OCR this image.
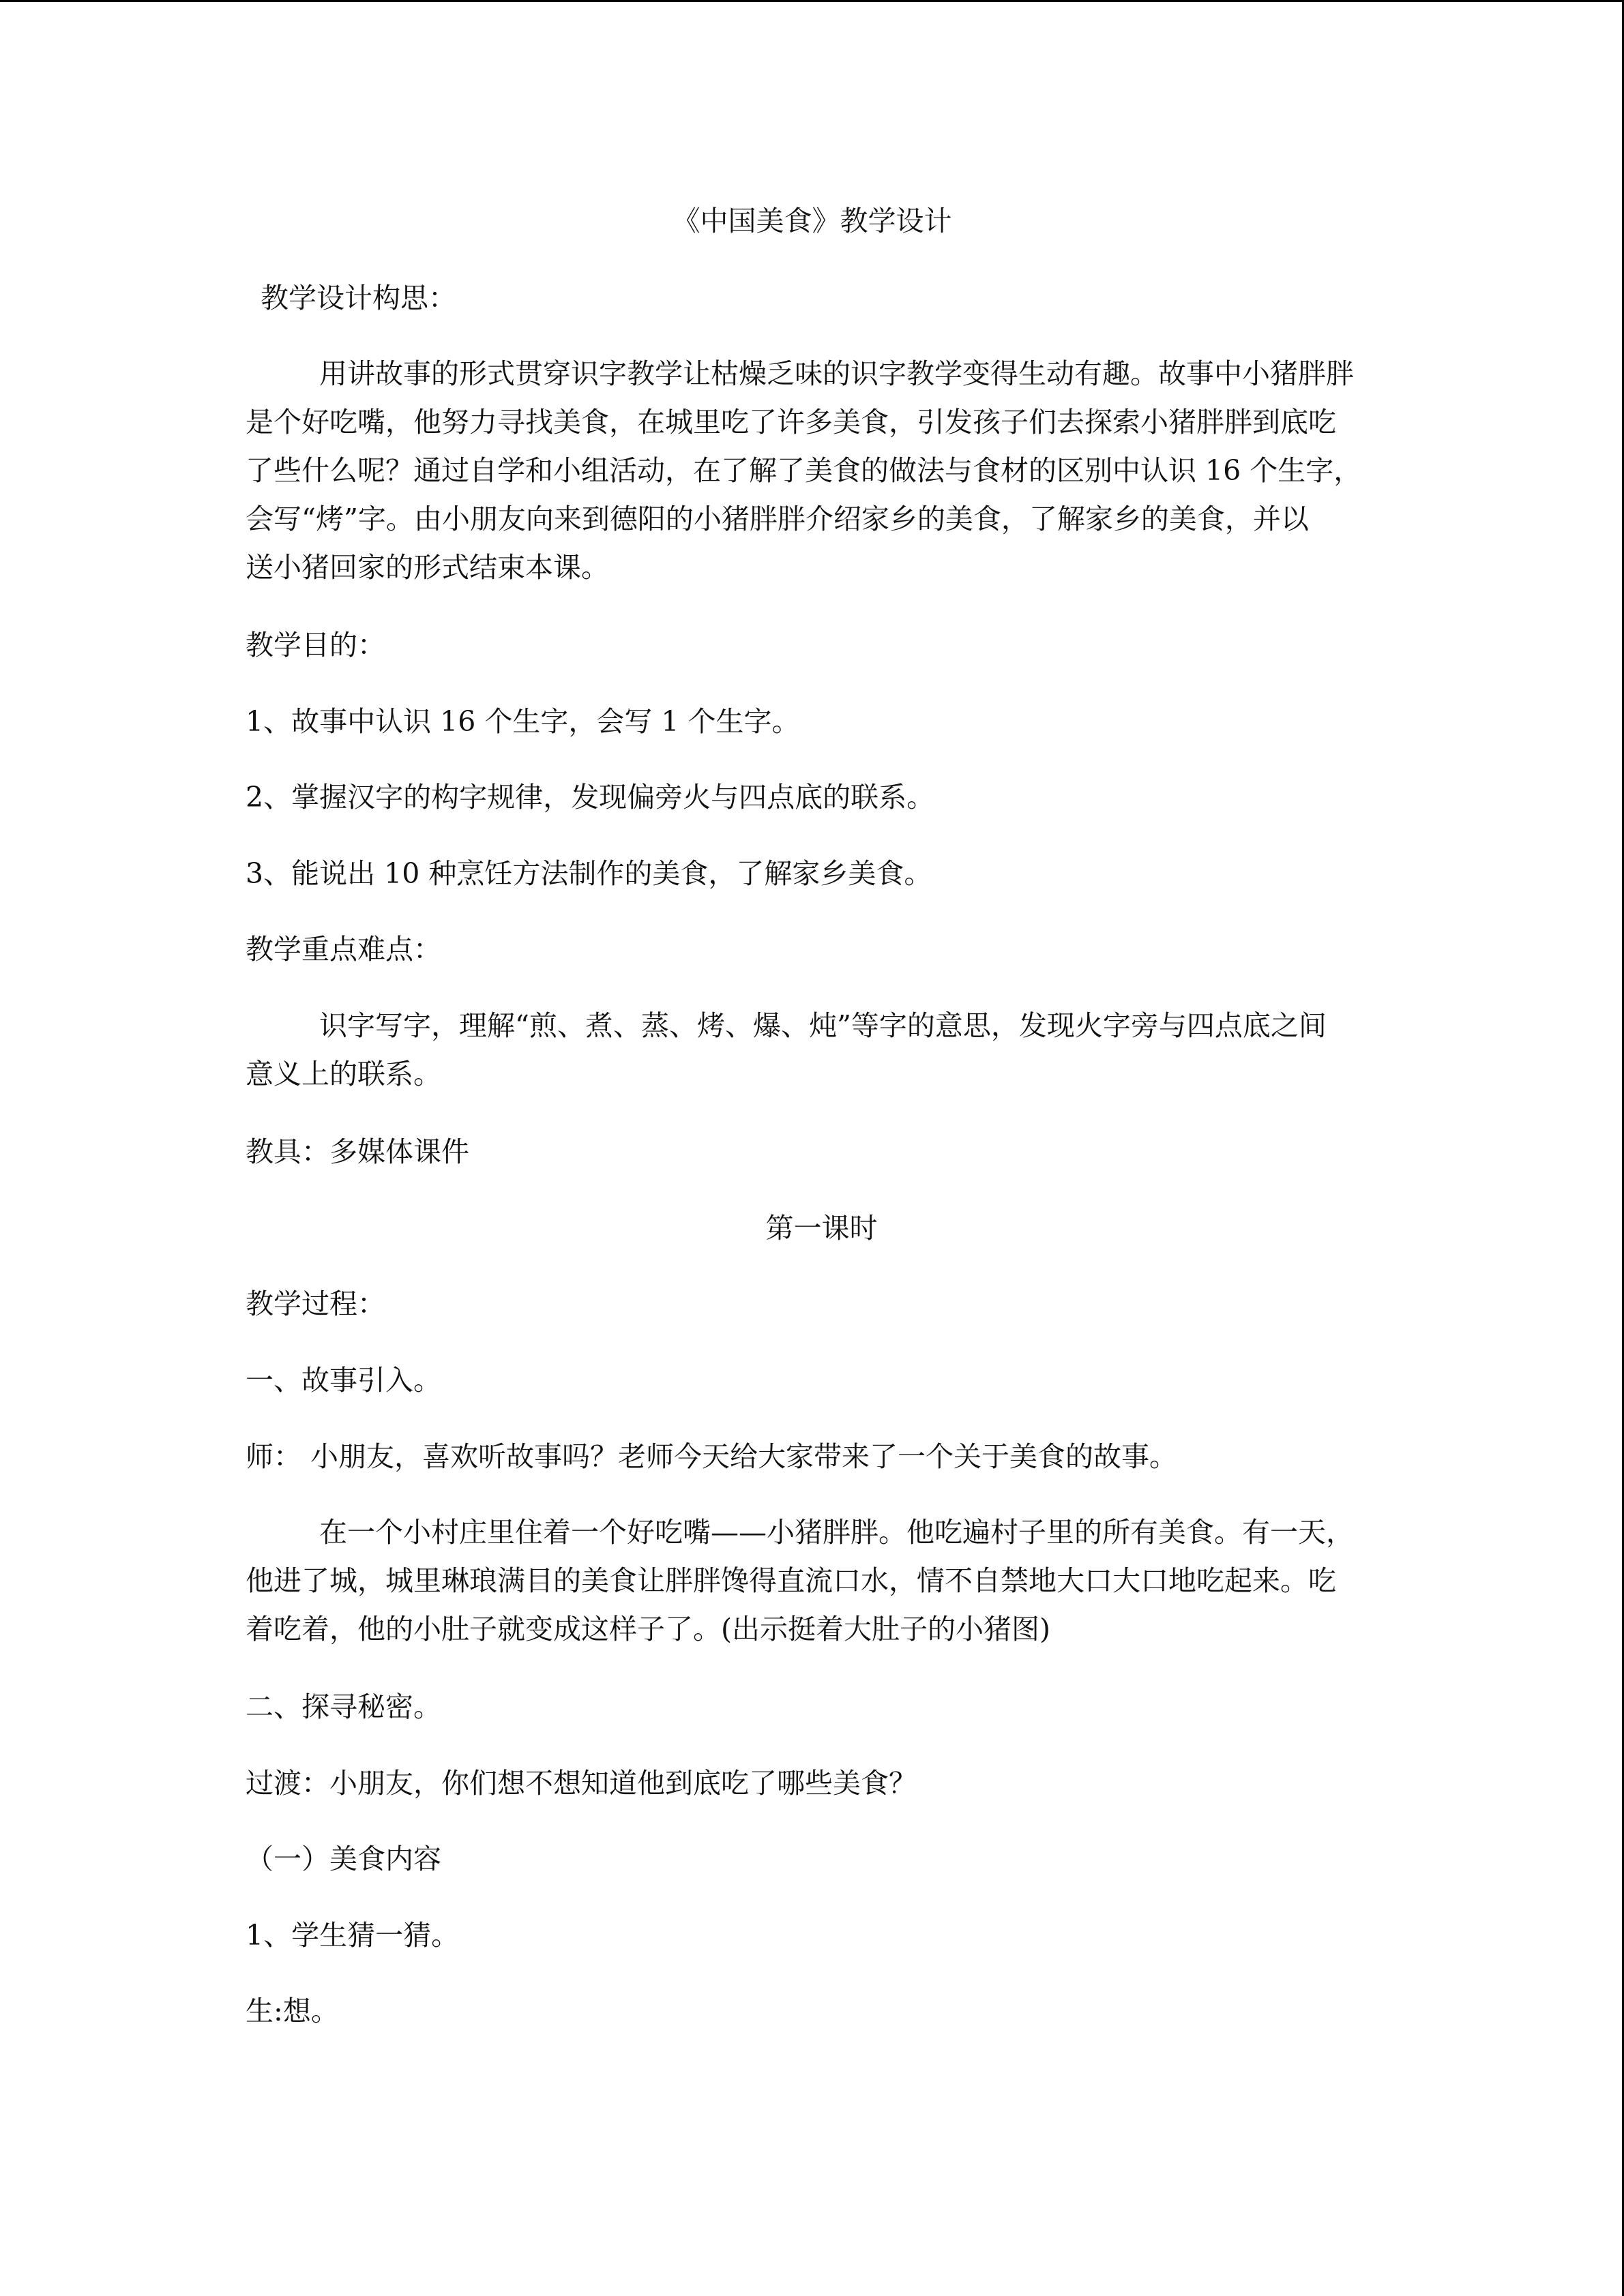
《中国美食》教学设计
教学设计构思：
用讲故事的形式贯穿识字教学让枯燥乏味的识字教学变得生动有趣。故事中小猪胖胖
是个好吃嘴，他努力寻找美食，在城里吃了许多美食，引发孩子们去探索小猪胖胖到底吃
了些什么呢？通过自学和小组活动，在了解了美食的做法与食材的区别中认识 16 个生字，
会写“烤”字。由小朋友向来到德阳的小猪胖胖介绍家乡的美食，了解家乡的美食，并以
送小猪回家的形式结束本课。
教学目的：
1、故事中认识 16 个生字，会写 1 个生字。
2、掌握汉字的构字规律，发现偏旁火与四点底的联系。
3、能说出 10 种烹饪方法制作的美食，了解家乡美食。
教学重点难点：
识字写字，理解“煎、煮、蒸、烤、爆、炖”等字的意思，发现火字旁与四点底之间
意义上的联系。
教具：多媒体课件
第一课时
教学过程：
一、故事引入。
师： 小朋友，喜欢听故事吗？老师今天给大家带来了一个关于美食的故事。
在一个小村庄里住着一个好吃嘴——小猪胖胖。他吃遍村子里的所有美食。有一天，
他进了城，城里琳琅满目的美食让胖胖馋得直流口水，情不自禁地大口大口地吃起来。吃
着吃着，他的小肚子就变成这样子了。(出示挺着大肚子的小猪图)
二、探寻秘密。
过渡：小朋友，你们想不想知道他到底吃了哪些美食？
（一）美食内容
1、学生猜一猜。
生:想。
